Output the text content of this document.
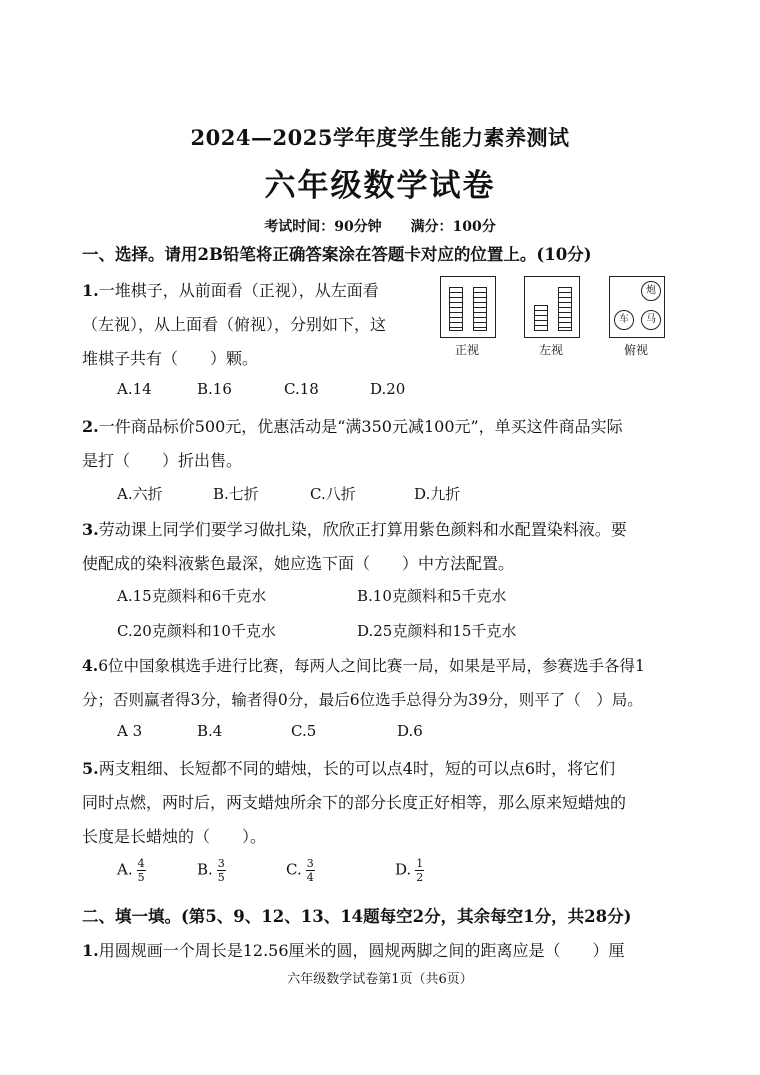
2024—2025学年度学生能力素养测试
六年级数学试卷
考试时间：90分钟 满分：100分
一、选择。请用2B铅笔将正确答案涂在答题卡对应的位置上。(10分)
1.一堆棋子，从前面看（正视），从左面看
（左视），从上面看（俯视），分别如下，这
堆棋子共有（　　）颗。	正视	左视
炮
车	马
俯视
A.14	B.16	C.18	D.20
2.一件商品标价500元，优惠活动是“满350元减100元”，单买这件商品实际
是打（　　）折出售。
A.六折	B.七折	C.八折	D.九折
3.劳动课上同学们要学习做扎染，欣欣正打算用紫色颜料和水配置染料液。要
使配成的染料液紫色最深，她应选下面（　　）中方法配置。
A.15克颜料和6千克水	B.10克颜料和5千克水
C.20克颜料和10千克水	D.25克颜料和15千克水
4.6位中国象棋选手进行比赛，每两人之间比赛一局，如果是平局，参赛选手各得1
分；否则赢者得3分，输者得0分，最后6位选手总得分为39分，则平了（　）局。
A 3	B.4	C.5	D.6
5.两支粗细、长短都不同的蜡烛，长的可以点4时，短的可以点6时，将它们
同时点燃，两时后，两支蜡烛所余下的部分长度正好相等，那么原来短蜡烛的
长度是长蜡烛的（　　）。
A. $\frac{4}{5}$	B. $\frac{3}{5}$	C. $\frac{3}{4}$	D. $\frac{1}{2}$
二、填一填。(第5、9、12、13、14题每空2分，其余每空1分，共28分)
1.用圆规画一个周长是12.56厘米的圆，圆规两脚之间的距离应是（　　）厘
六年级数学试卷第1页（共6页）
